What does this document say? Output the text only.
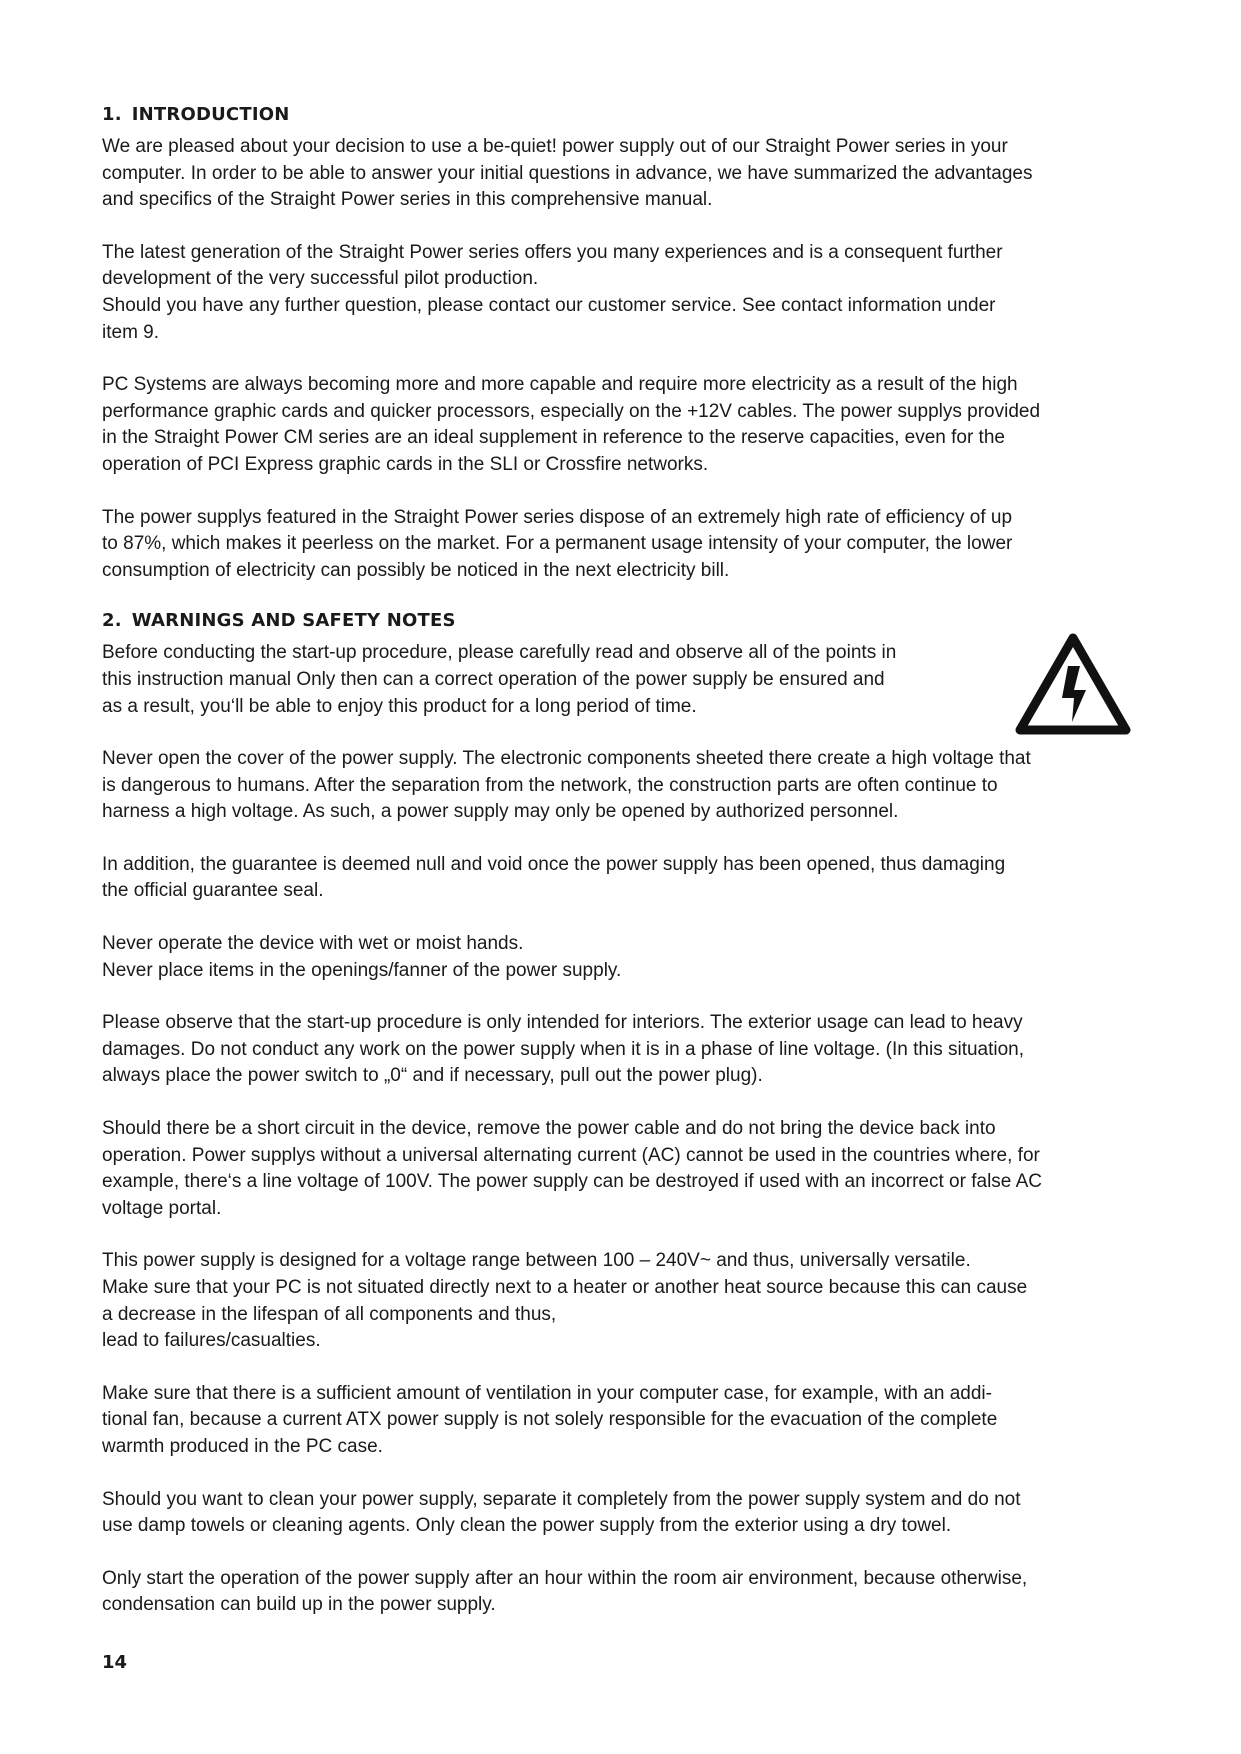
1. INTRODUCTION
We are pleased about your decision to use a be-quiet! power supply out of our Straight Power series in your
computer. In order to be able to answer your initial questions in advance, we have summarized the advantages
and specifics of the Straight Power series in this comprehensive manual.
The latest generation of the Straight Power series offers you many experiences and is a consequent further
development of the very successful pilot production.
Should you have any further question, please contact our customer service. See contact information under
item 9.
PC Systems are always becoming more and more capable and require more electricity as a result of the high
performance graphic cards and quicker processors, especially on the +12V cables. The power supplys provided
in the Straight Power CM series are an ideal supplement in reference to the reserve capacities, even for the
operation of PCI Express graphic cards in the SLI or Crossfire networks.
The power supplys featured in the Straight Power series dispose of an extremely high rate of efficiency of up
to 87%, which makes it peerless on the market. For a permanent usage intensity of your computer, the lower
consumption of electricity can possibly be noticed in the next electricity bill.
2. WARNINGS AND SAFETY NOTES
Before conducting the start-up procedure, please carefully read and observe all of the points in
this instruction manual Only then can a correct operation of the power supply be ensured and
as a result, you‘ll be able to enjoy this product for a long period of time.
Never open the cover of the power supply. The electronic components sheeted there create a high voltage that
is dangerous to humans. After the separation from the network, the construction parts are often continue to
harness a high voltage. As such, a power supply may only be opened by authorized personnel.
In addition, the guarantee is deemed null and void once the power supply has been opened, thus damaging
the official guarantee seal.
Never operate the device with wet or moist hands.
Never place items in the openings/fanner of the power supply.
Please observe that the start-up procedure is only intended for interiors. The exterior usage can lead to heavy
damages. Do not conduct any work on the power supply when it is in a phase of line voltage. (In this situation,
always place the power switch to „0“ and if necessary, pull out the power plug).
Should there be a short circuit in the device, remove the power cable and do not bring the device back into
operation. Power supplys without a universal alternating current (AC) cannot be used in the countries where, for
example, there‘s a line voltage of 100V. The power supply can be destroyed if used with an incorrect or false AC
voltage portal.
This power supply is designed for a voltage range between 100 – 240V~ and thus, universally versatile.
Make sure that your PC is not situated directly next to a heater or another heat source because this can cause
a decrease in the lifespan of all components and thus,
lead to failures/casualties.
Make sure that there is a sufficient amount of ventilation in your computer case, for example, with an addi-
tional fan, because a current ATX power supply is not solely responsible for the evacuation of the complete
warmth produced in the PC case.
Should you want to clean your power supply, separate it completely from the power supply system and do not
use damp towels or cleaning agents. Only clean the power supply from the exterior using a dry towel.
Only start the operation of the power supply after an hour within the room air environment, because otherwise,
condensation can build up in the power supply.
14
